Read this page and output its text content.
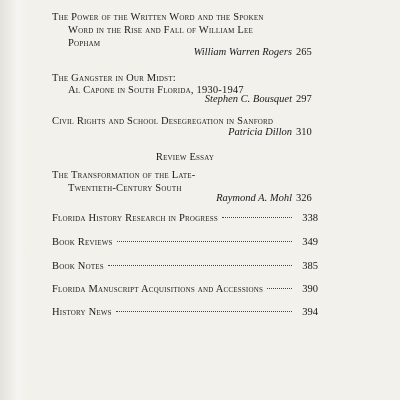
The Power of the Written Word and the Spoken
Word in the Rise and Fall of William Lee
Popham
William Warren Rogers 265
The Gangster in Our Midst:
Al Capone in South Florida, 1930-1947
Stephen C. Bousquet 297
Civil Rights and School Desegregation in Sanford
Patricia Dillon 310
Review Essay
The Transformation of the Late-
Twentieth-Century South
Raymond A. Mohl 326
Florida History Research in Progress	338
Book Reviews	349
Book Notes	385
Florida Manuscript Acquisitions and Accessions	390
History News	394
